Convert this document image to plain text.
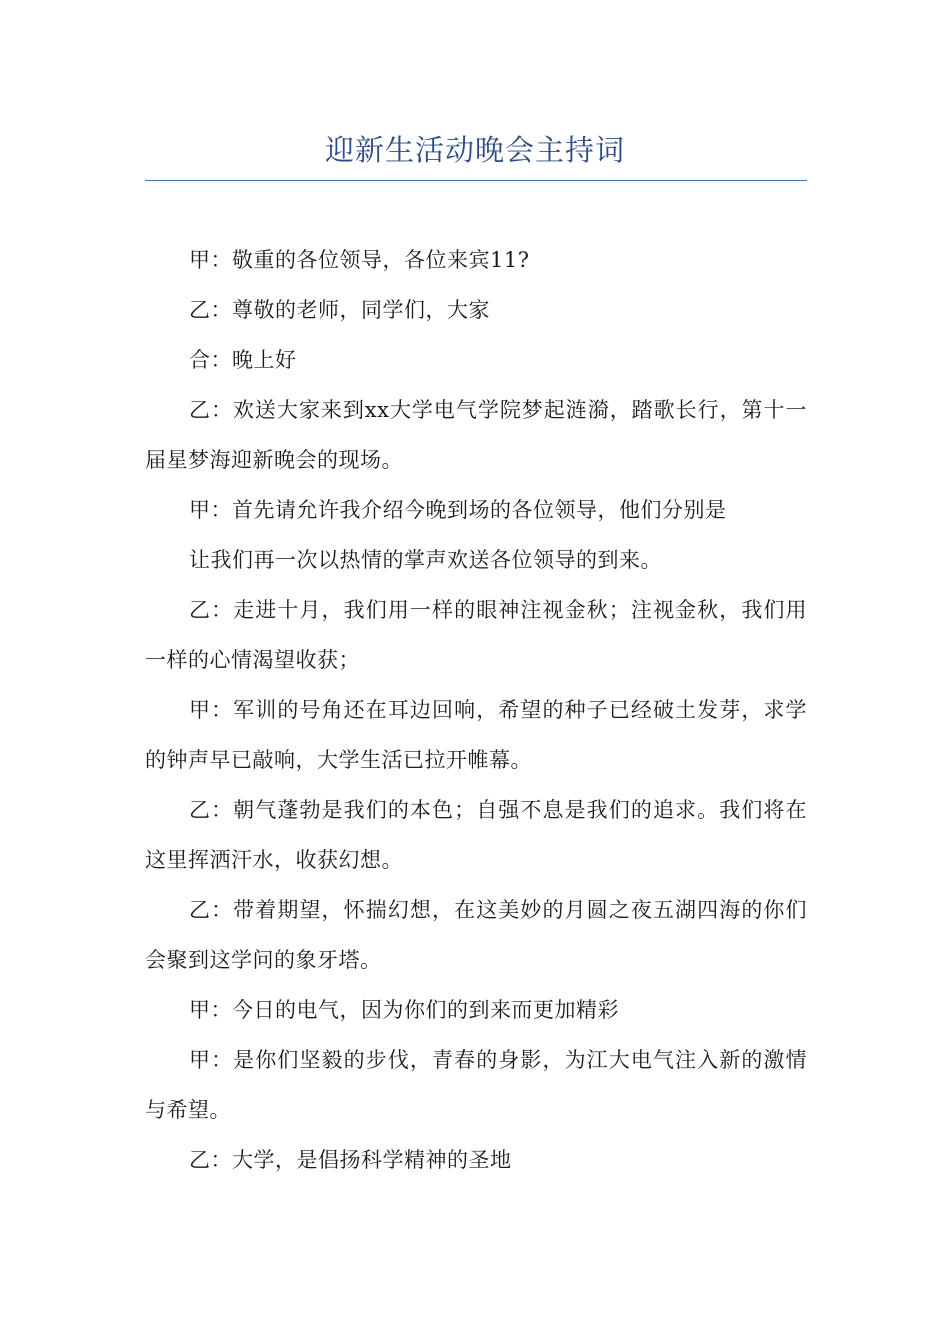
迎新生活动晚会主持词

甲：敬重的各位领导，各位来宾11?

乙：尊敬的老师，同学们，大家

合：晚上好

乙：欢送大家来到xx大学电气学院梦起涟漪，踏歌长行，第十一届星梦海迎新晚会的现场。

甲：首先请允许我介绍今晚到场的各位领导，他们分别是

让我们再一次以热情的掌声欢送各位领导的到来。

乙：走进十月，我们用一样的眼神注视金秋；注视金秋，我们用一样的心情渴望收获；

甲：军训的号角还在耳边回响，希望的种子已经破土发芽，求学的钟声早已敲响，大学生活已拉开帷幕。

乙：朝气蓬勃是我们的本色；自强不息是我们的追求。我们将在这里挥洒汗水，收获幻想。

乙：带着期望，怀揣幻想，在这美妙的月圆之夜五湖四海的你们会聚到这学问的象牙塔。

甲：今日的电气，因为你们的到来而更加精彩

甲：是你们坚毅的步伐，青春的身影，为江大电气注入新的激情与希望。

乙：大学，是倡扬科学精神的圣地
